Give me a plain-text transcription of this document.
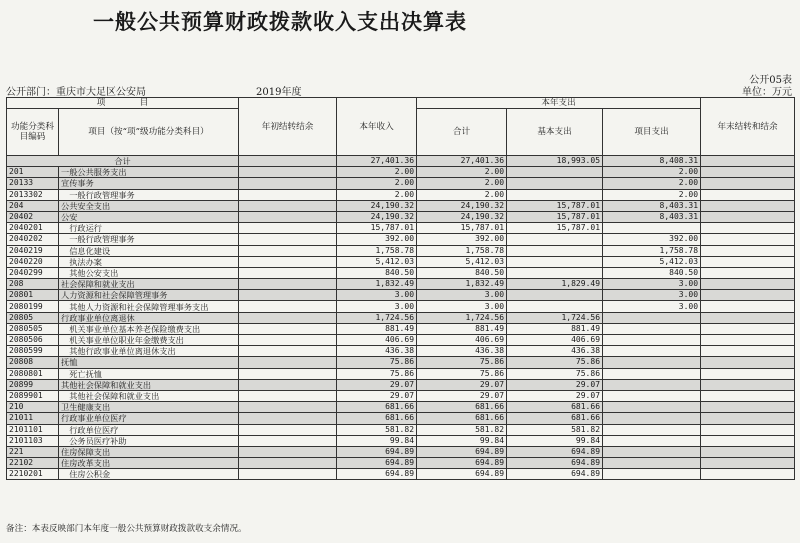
一般公共预算财政拨款收入支出决算表
公开部门：重庆市大足区公安局	2019年度
公开05表
单位：万元
项　　　　目		年初结转结余	本年收入	本年支出			年末结转和结余
功能分类科目编码	项目（按“项”级功能分类科目）			合计	基本支出	项目支出	
合计			27,401.36	27,401.36	18,993.05	8,408.31	
201	一般公共服务支出		2.00	2.00		2.00	
20133	宣传事务		2.00	2.00		2.00	
2013302	　一般行政管理事务		2.00	2.00		2.00	
204	公共安全支出		24,190.32	24,190.32	15,787.01	8,403.31	
20402	公安		24,190.32	24,190.32	15,787.01	8,403.31	
2040201	　行政运行		15,787.01	15,787.01	15,787.01		
2040202	　一般行政管理事务		392.00	392.00		392.00	
2040219	　信息化建设		1,758.78	1,758.78		1,758.78	
2040220	　执法办案		5,412.03	5,412.03		5,412.03	
2040299	　其他公安支出		840.50	840.50		840.50	
208	社会保障和就业支出		1,832.49	1,832.49	1,829.49	3.00	
20801	人力资源和社会保障管理事务		3.00	3.00		3.00	
2080199	　其他人力资源和社会保障管理事务支出		3.00	3.00		3.00	
20805	行政事业单位离退休		1,724.56	1,724.56	1,724.56		
2080505	　机关事业单位基本养老保险缴费支出		881.49	881.49	881.49		
2080506	　机关事业单位职业年金缴费支出		406.69	406.69	406.69		
2080599	　其他行政事业单位离退休支出		436.38	436.38	436.38		
20808	抚恤		75.86	75.86	75.86		
2080801	　死亡抚恤		75.86	75.86	75.86		
20899	其他社会保障和就业支出		29.07	29.07	29.07		
2089901	　其他社会保障和就业支出		29.07	29.07	29.07		
210	卫生健康支出		681.66	681.66	681.66		
21011	行政事业单位医疗		681.66	681.66	681.66		
2101101	　行政单位医疗		581.82	581.82	581.82		
2101103	　公务员医疗补助		99.84	99.84	99.84		
221	住房保障支出		694.89	694.89	694.89		
22102	住房改革支出		694.89	694.89	694.89		
2210201	　住房公积金		694.89	694.89	694.89		
备注：本表反映部门本年度一般公共预算财政拨款收支余情况。
